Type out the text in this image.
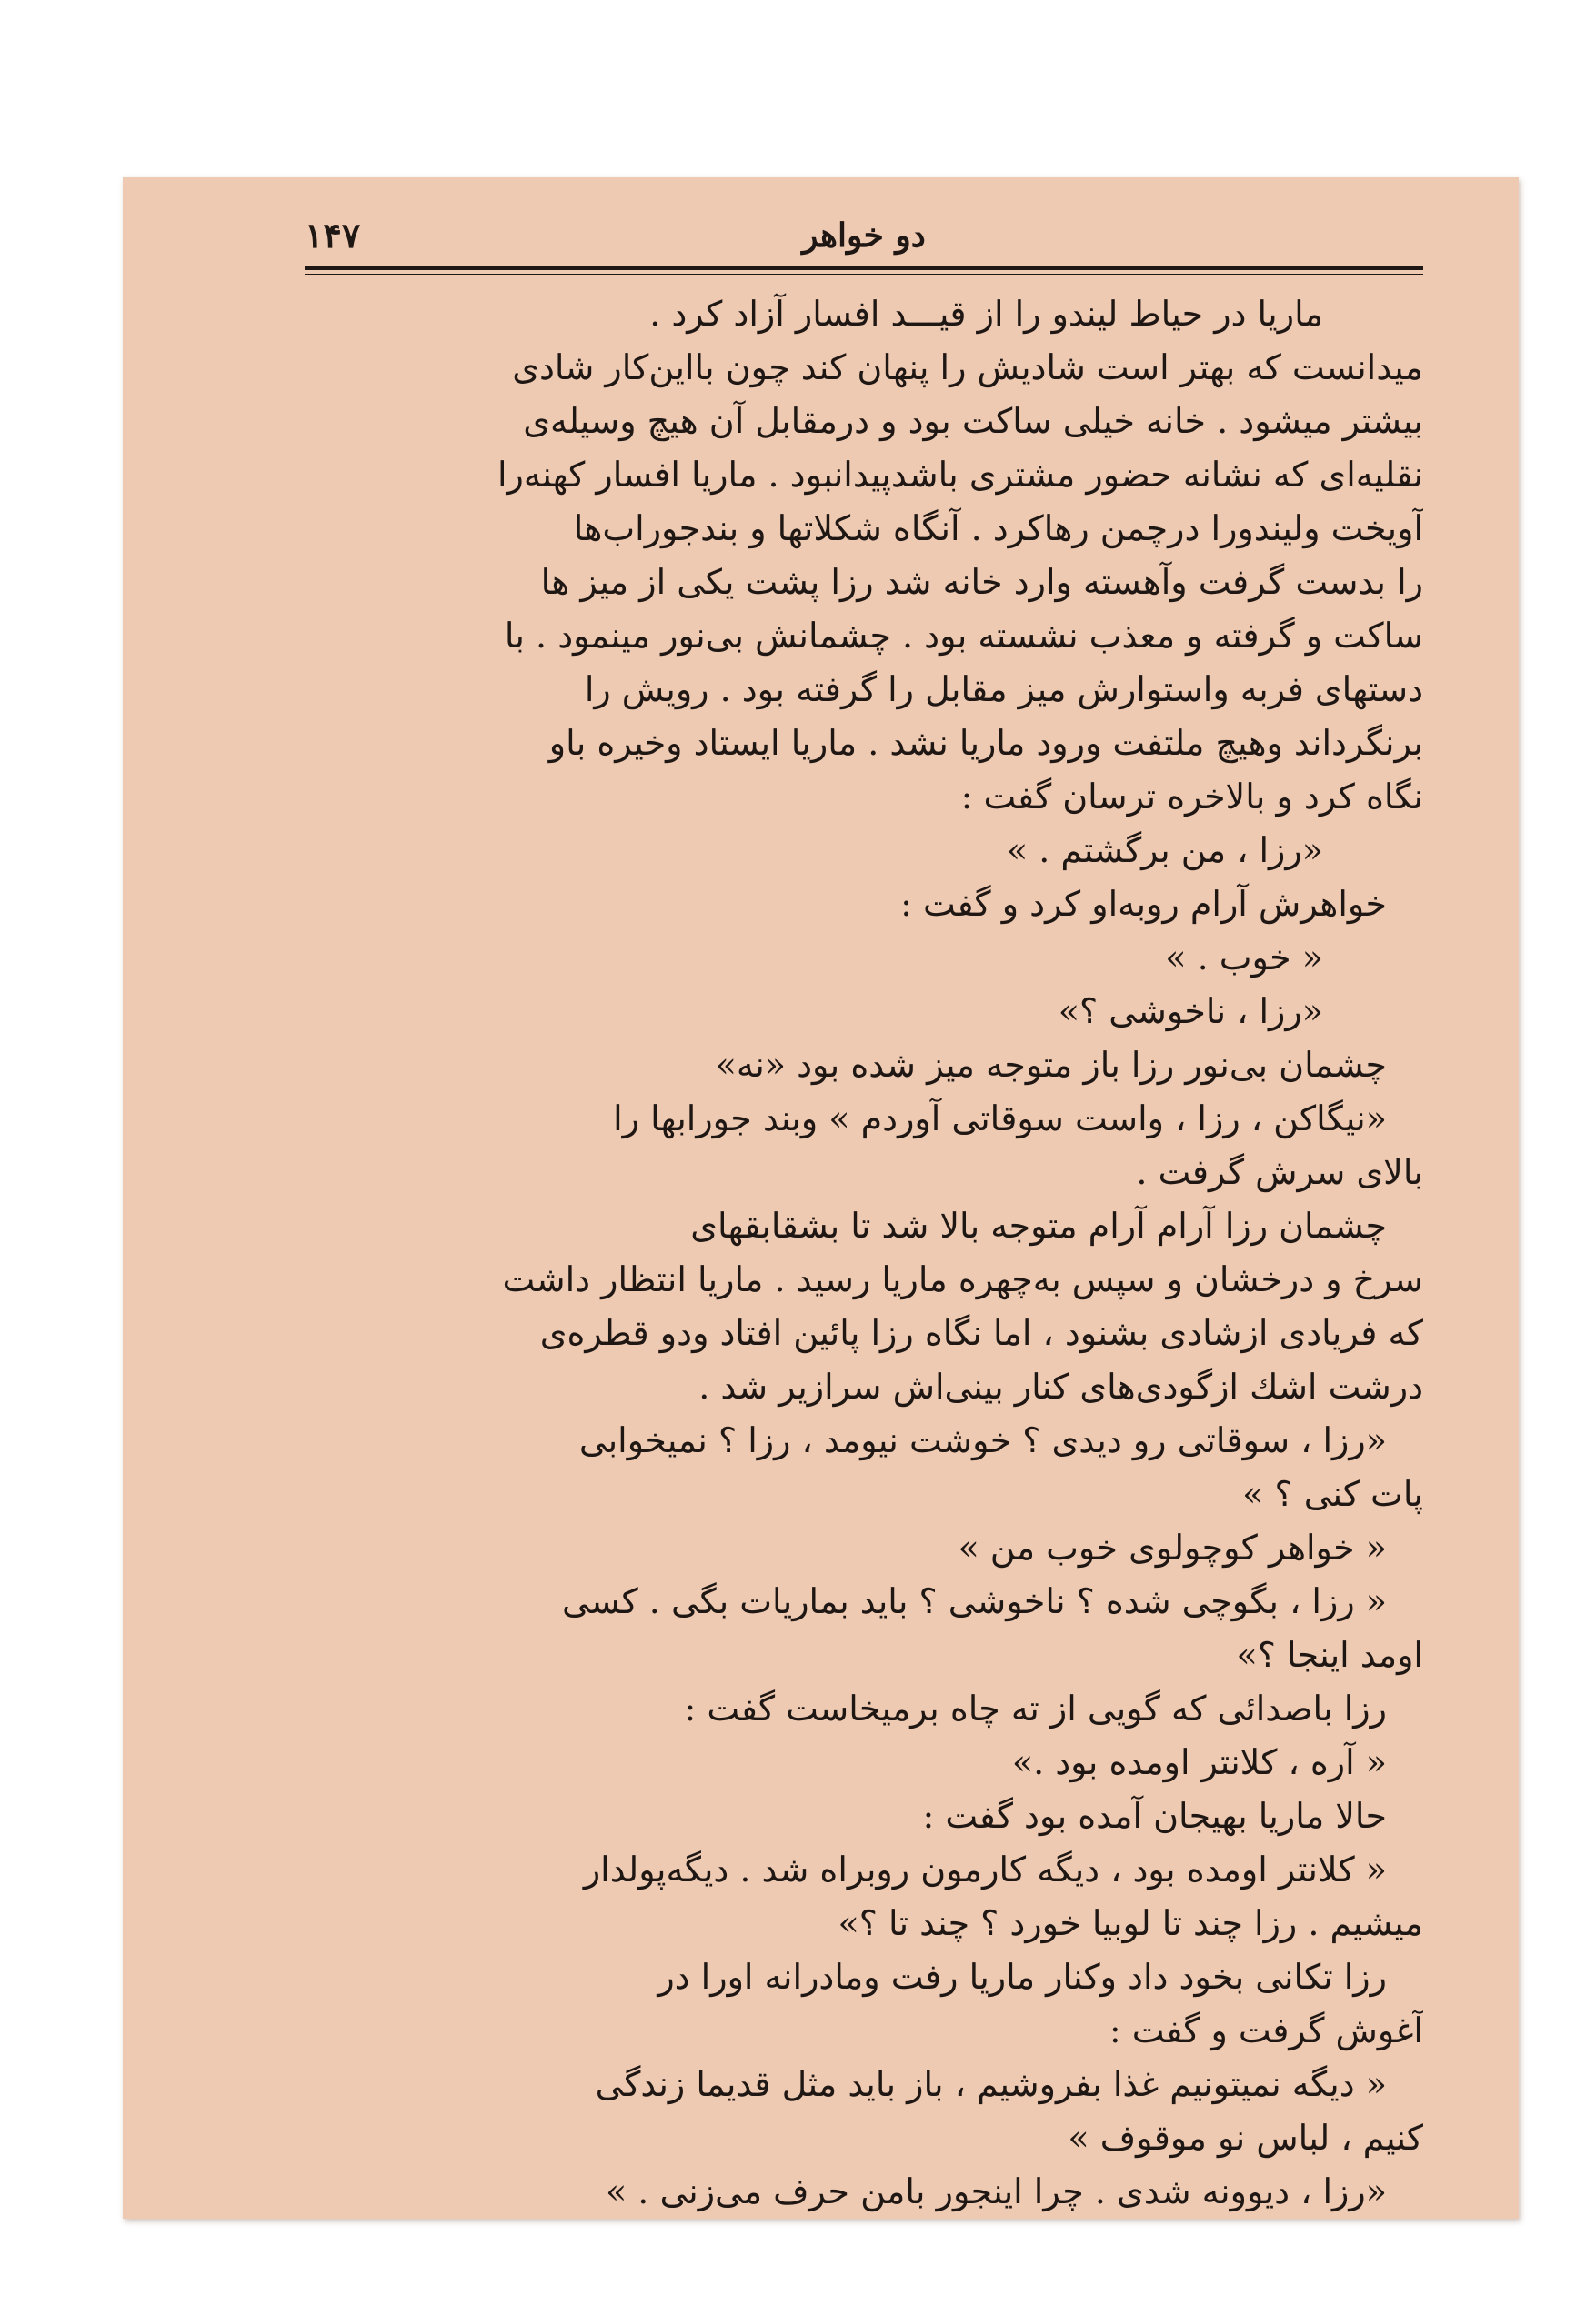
دو خواهر
۱۴۷
ماریا در حیاط لیندو را از قیـــد افسار آزاد کرد .
میدانست که بهتر است شادیش را پنهان کند چون بااین‌کار شادی
بیشتر میشود . خانه خیلی ساکت بود و درمقابل آن هیچ وسیله‌ی
نقلیه‌ای که نشانه حضور مشتری باشدپیدانبود . ماریا افسار کهنه‌را
آویخت ولیندورا درچمن رهاکرد . آنگاه شکلاتها و بندجوراب‌ها
را بدست گرفت وآهسته وارد خانه شد رزا پشت یکی از میز ها
ساکت و گرفته و معذب نشسته بود . چشمانش بی‌نور مینمود . با
دستهای فربه واستوارش میز مقابل را گرفته بود . رویش را
برنگرداند وهیچ ملتفت ورود ماریا نشد . ماریا ایستاد وخیره باو
نگاه کرد و بالاخره ترسان گفت :
«رزا ، من برگشتم . »
خواهرش آرام روبه‌او کرد و گفت :
« خوب . »
«رزا ، ناخوشی ؟»
چشمان بی‌نور رزا باز متوجه میز شده بود «نه»
«نیگاکن ، رزا ، واست سوقاتی آوردم » وبند جورابها را
بالای سرش گرفت .
چشمان رزا آرام آرام متوجه بالا شد تا بشقابقهای
سرخ و درخشان و سپس به‌چهره ماریا رسید . ماریا انتظار داشت
که فریادی ازشادی بشنود ، اما نگاه رزا پائین افتاد ودو قطره‌ی
درشت اشك ازگودی‌های کنار بینی‌اش سرازیر شد .
«رزا ، سوقاتی رو دیدی ؟ خوشت نیومد ، رزا ؟ نمیخوابی
پات کنی ؟ »
« خواهر کوچولوی خوب من »
« رزا ، بگوچی شده ؟ ناخوشی ؟ باید بماریات بگی . کسی
اومد اینجا ؟»
رزا باصدائی که گویی از ته چاه برمیخاست گفت :
« آره ، کلانتر اومده بود .»
حالا ماریا بهیجان آمده بود گفت :
« کلانتر اومده بود ، دیگه کارمون روبراه شد . دیگه‌پولدار
میشیم . رزا چند تا لوبیا خورد ؟ چند تا ؟»
رزا تکانی بخود داد وکنار ماریا رفت ومادرانه اورا در
آغوش گرفت و گفت :
« دیگه نمیتونیم غذا بفروشیم ، باز باید مثل قدیما زندگی
کنیم ، لباس نو موقوف »
«رزا ، دیوونه شدی . چرا اینجور بامن حرف می‌زنی . »
